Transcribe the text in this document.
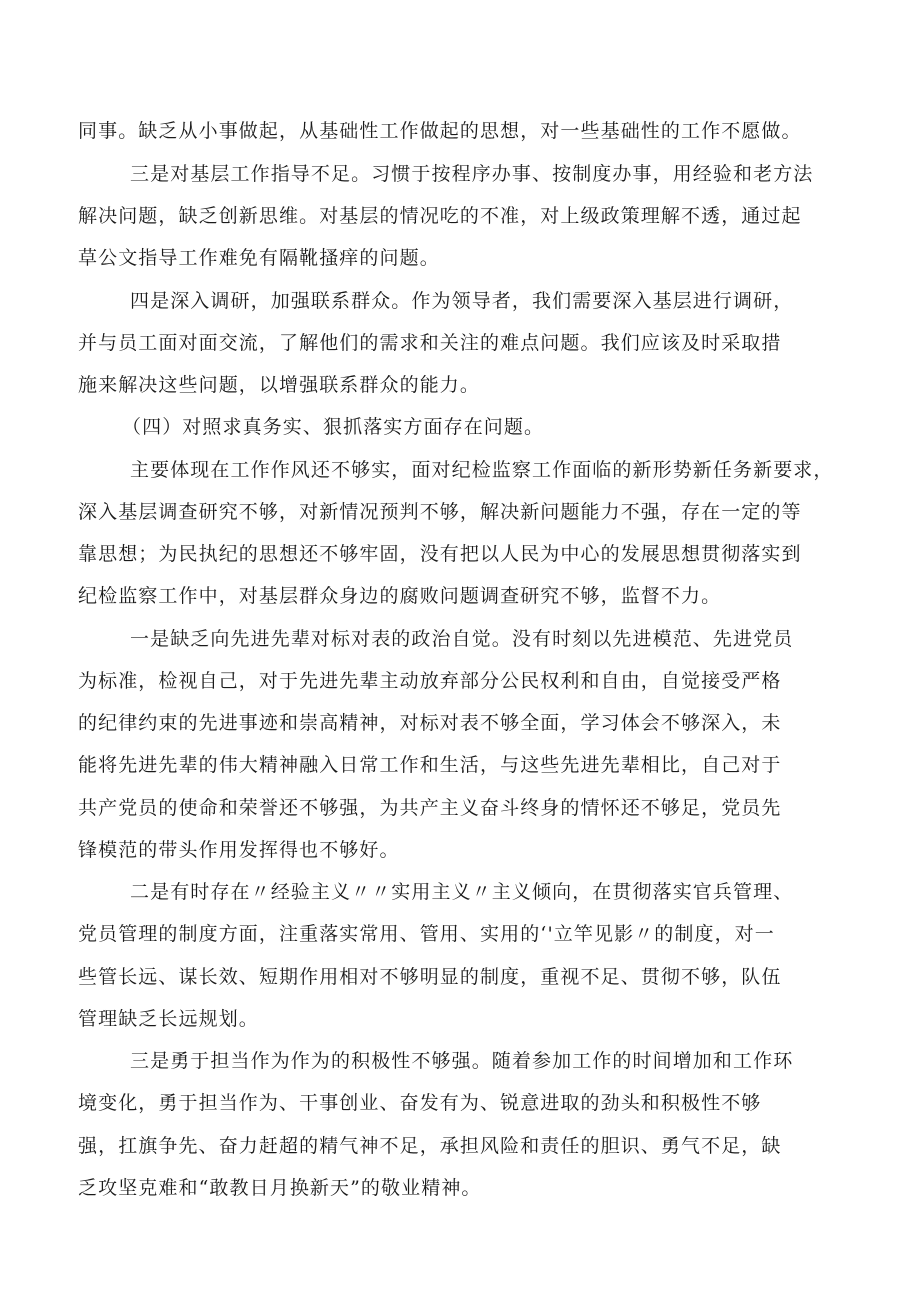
同事。缺乏从小事做起，从基础性工作做起的思想，对一些基础性的工作不愿做。
三是对基层工作指导不足。习惯于按程序办事、按制度办事，用经验和老方法
解决问题，缺乏创新思维。对基层的情况吃的不准，对上级政策理解不透，通过起
草公文指导工作难免有隔靴搔痒的问题。
四是深入调研，加强联系群众。作为领导者，我们需要深入基层进行调研，
并与员工面对面交流，了解他们的需求和关注的难点问题。我们应该及时采取措
施来解决这些问题，以增强联系群众的能力。
（四）对照求真务实、狠抓落实方面存在问题。
主要体现在工作作风还不够实，面对纪检监察工作面临的新形势新任务新要求，
深入基层调查研究不够，对新情况预判不够，解决新问题能力不强，存在一定的等
靠思想；为民执纪的思想还不够牢固，没有把以人民为中心的发展思想贯彻落实到
纪检监察工作中，对基层群众身边的腐败问题调查研究不够，监督不力。
一是缺乏向先进先辈对标对表的政治自觉。没有时刻以先进模范、先进党员
为标准，检视自己，对于先进先辈主动放弃部分公民权利和自由，自觉接受严格
的纪律约束的先进事迹和崇高精神，对标对表不够全面，学习体会不够深入，未
能将先进先辈的伟大精神融入日常工作和生活，与这些先进先辈相比，自己对于
共产党员的使命和荣誉还不够强，为共产主义奋斗终身的情怀还不够足，党员先
锋模范的带头作用发挥得也不够好。
二是有时存在〃经验主义〃〃实用主义〃主义倾向，在贯彻落实官兵管理、
党员管理的制度方面，注重落实常用、管用、实用的‘'立竿见影〃的制度，对一
些管长远、谋长效、短期作用相对不够明显的制度，重视不足、贯彻不够，队伍
管理缺乏长远规划。
三是勇于担当作为作为的积极性不够强。随着参加工作的时间增加和工作环
境变化，勇于担当作为、干事创业、奋发有为、锐意进取的劲头和积极性不够
强，扛旗争先、奋力赶超的精气神不足，承担风险和责任的胆识、勇气不足，缺
乏攻坚克难和“敢教日月换新天”的敬业精神。
